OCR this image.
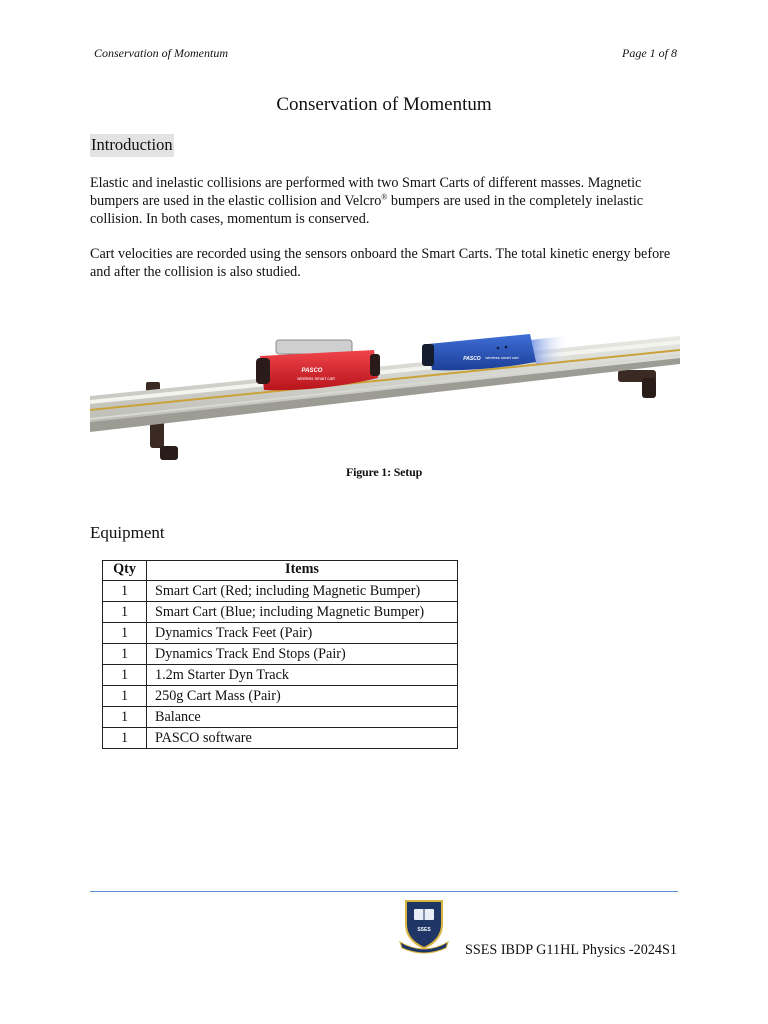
Conservation of Momentum	Page 1 of 8
Conservation of Momentum
Introduction
Elastic and inelastic collisions are performed with two Smart Carts of different masses. Magnetic bumpers are used in the elastic collision and Velcro® bumpers are used in the completely inelastic collision. In both cases, momentum is conserved.
Cart velocities are recorded using the sensors onboard the Smart Carts. The total kinetic energy before and after the collision is also studied.
PASCO
wireless smart cart
PASCO wireless smart cart
Figure 1: Setup
Equipment
Qty	Items
1	Smart Cart (Red; including Magnetic Bumper)
1	Smart Cart (Blue; including Magnetic Bumper)
1	Dynamics Track Feet (Pair)
1	Dynamics Track End Stops (Pair)
1	1.2m Starter Dyn Track
1	250g Cart Mass (Pair)
1	Balance
1	PASCO software
SSES
SSES IBDP G11HL Physics -2024S1
